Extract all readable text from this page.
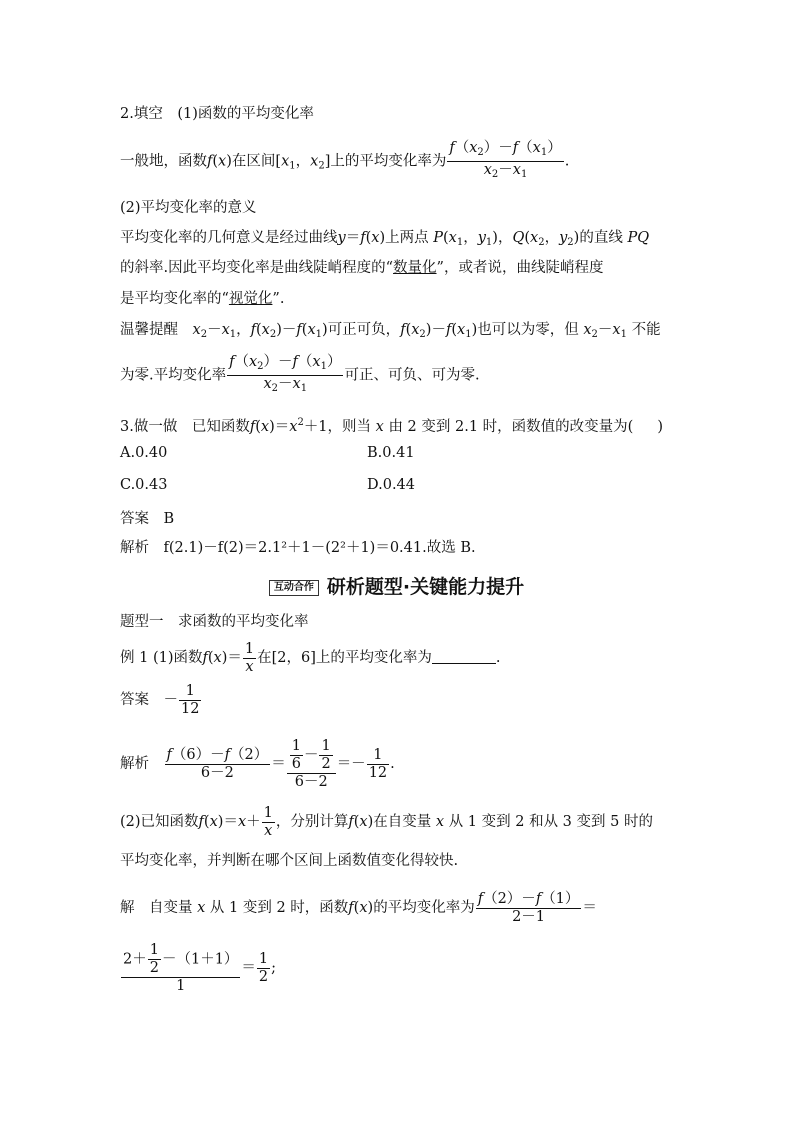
2.填空　(1)函数的平均变化率
一般地，函数f(x)在区间[$x_1$，$x_2$]上的平均变化率为 $\frac{f(x_2)-f(x_1)}{x_2-x_1}$ .
(2)平均变化率的意义
平均变化率的几何意义是经过曲线y＝f(x)上两点 $P(x_1$，$y_1$)，$Q(x_2$，$y_2$)的直线 PQ
的斜率.因此平均变化率是曲线陡峭程度的“数量化”，或者说，曲线陡峭程度
是平均变化率的“视觉化”.
温馨提醒　 $x_2-x_1$，$f(x_2)-f(x_1)$可正可负，$f(x_2)-f(x_1)$也可以为零，但 $x_2-x_1$ 不能
为零.平均变化率 $\frac{f(x_2)-f(x_1)}{x_2-x_1}$ 可正、可负、可为零.
3.做一做　已知函数$f(x)=x^2+1$，则当 x 由 2 变到 2.1 时，函数值的改变量为( )
A.0.40	B.0.41
C.0.43	D.0.44
答案　 B
解析　 f(2.1)－f(2)＝2.1²＋1－(2²＋1)＝0.41.故选 B.
互动合作 研析题型·关键能力提升
题型一　求函数的平均变化率
例 1 (1)函数$f(x)= \frac{1}{x}$ 在[2，6]上的平均变化率为	.
答案　－ $\frac{1}{12}$
解析　 $\frac{f(6)-f(2)}{6-2} = \frac{\frac{1}{6} - \frac{1}{2}}{6-2} =- \frac{1}{12}$ .
(2)已知函数$f(x)=x+ \frac{1}{x}$ ，分别计算f(x)在自变量 x 从 1 变到 2 和从 3 变到 5 时的
平均变化率，并判断在哪个区间上函数值变化得较快.
解　 自变量 x 从 1 变到 2 时，函数f(x)的平均变化率为 $\frac{f(2)-f(1)}{2-1}$ ＝
$\frac{2+ \frac{1}{2} -(1+1)}{1} = \frac{1}{2}$ ;
